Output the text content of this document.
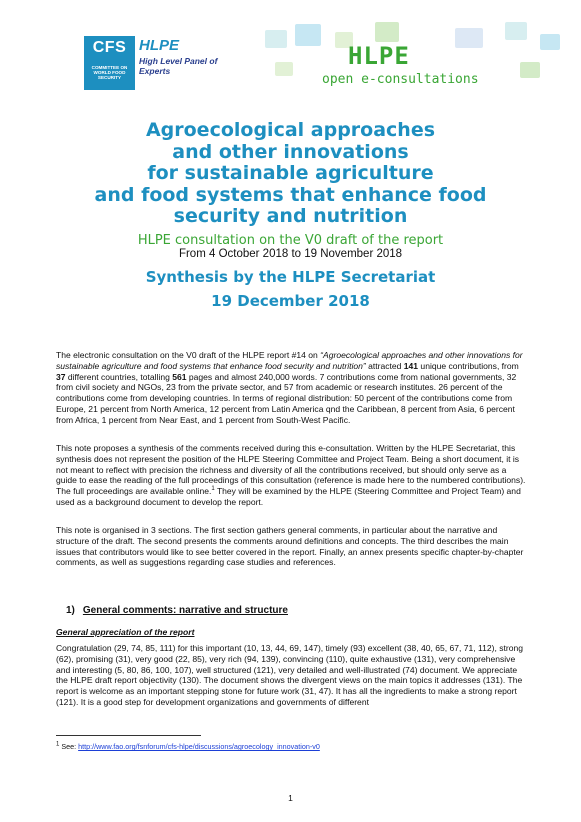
CFS
COMMITTEE ON WORLD FOOD SECURITY
HLPE
High Level Panel of Experts
HLPE
open e-consultations
Agroecological approaches
and other innovations
for sustainable agriculture
and food systems that enhance food
security and nutrition

HLPE consultation on the V0 draft of the report

From 4 October 2018 to 19 November 2018

Synthesis by the HLPE Secretariat

19 December 2018

The electronic consultation on the V0 draft of the HLPE report #14 on “Agroecological approaches and other innovations for sustainable agriculture and food systems that enhance food security and nutrition” attracted 141 unique contributions, from 37 different countries, totalling 561 pages and almost 240,000 words. 7 contributions come from national governments, 32 from civil society and NGOs, 23 from the private sector, and 57 from academic or research institutes. 26 percent of the contributions come from developing countries. In terms of regional distribution: 50 percent of the contributions come from Europe, 21 percent from North America, 12 percent from Latin America qnd the Caribbean, 8 percent from Asia, 6 percent from Africa, 1 percent from Near East, and 1 percent from South-West Pacific.

This note proposes a synthesis of the comments received during this e-consultation. Written by the HLPE Secretariat, this synthesis does not represent the position of the HLPE Steering Committee and Project Team. Being a short document, it is not meant to reflect with precision the richness and diversity of all the contributions received, but should only serve as a guide to ease the reading of the full proceedings of this consultation (reference is made here to the numbered contributions). The full proceedings are available online.$^1$ They will be examined by the HLPE (Steering Committee and Project Team) and used as a background document to develop the report.

This note is organised in 3 sections. The first section gathers general comments, in particular about the narrative and structure of the draft. The second presents the comments around definitions and concepts. The third describes the main issues that contributors would like to see better covered in the report. Finally, an annex presents specific chapter-by-chapter comments, as well as suggestions regarding case studies and references.

1) General comments: narrative and structure
General appreciation of the report

Congratulation (29, 74, 85, 111) for this important (10, 13, 44, 69, 147), timely (93) excellent (38, 40, 65, 67, 71, 112), strong (62), promising (31), very good (22, 85), very rich (94, 139), convincing (110), quite exhaustive (131), very comprehensive and interesting (5, 80, 86, 100, 107), well structured (121), very detailed and well-illustrated (74) document. We appreciate the HLPE draft report objectivity (130). The document shows the divergent views on the main topics it addresses (131). The report is welcome as an important stepping stone for future work (31, 47). It has all the ingredients to make a strong report (121). It is a good step for development organizations and governments of different

$^1$ See: http://www.fao.org/fsnforum/cfs-hlpe/discussions/agroecology_innovation-v0
1
